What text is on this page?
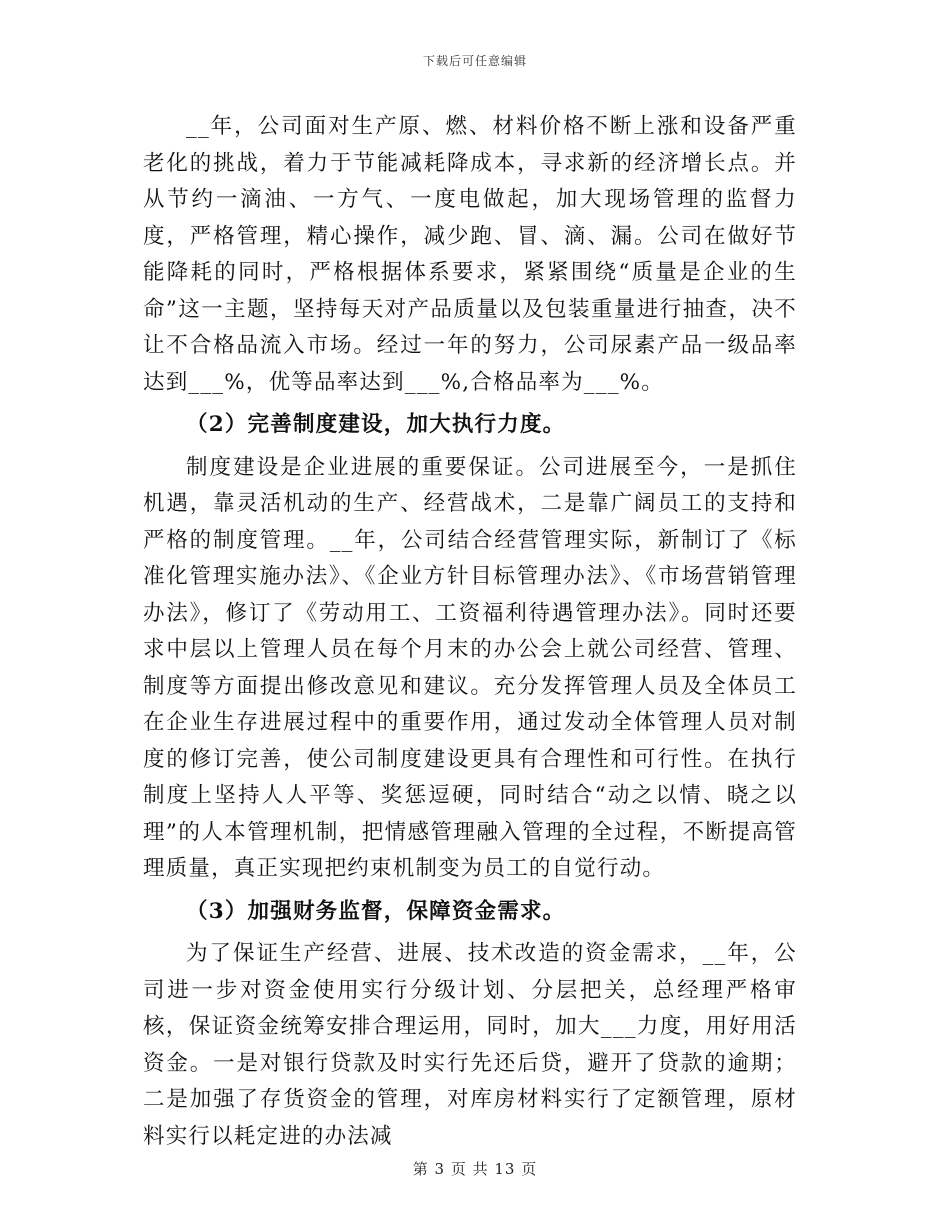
下载后可任意编辑

__年，公司面对生产原、燃、材料价格不断上涨和设备严重老化的挑战，着力于节能减耗降成本，寻求新的经济增长点。并从节约一滴油、一方气、一度电做起，加大现场管理的监督力度，严格管理，精心操作，减少跑、冒、滴、漏。公司在做好节能降耗的同时，严格根据体系要求，紧紧围绕“质量是企业的生命”这一主题，坚持每天对产品质量以及包装重量进行抽查，决不让不合格品流入市场。经过一年的努力，公司尿素产品一级品率达到___%，优等品率达到___%,合格品率为___%。

（2）完善制度建设，加大执行力度。

制度建设是企业进展的重要保证。公司进展至今，一是抓住机遇，靠灵活机动的生产、经营战术，二是靠广阔员工的支持和严格的制度管理。__年，公司结合经营管理实际，新制订了《标准化管理实施办法》、《企业方针目标管理办法》、《市场营销管理办法》，修订了《劳动用工、工资福利待遇管理办法》。同时还要求中层以上管理人员在每个月末的办公会上就公司经营、管理、制度等方面提出修改意见和建议。充分发挥管理人员及全体员工在企业生存进展过程中的重要作用，通过发动全体管理人员对制度的修订完善，使公司制度建设更具有合理性和可行性。在执行制度上坚持人人平等、奖惩逗硬，同时结合“动之以情、晓之以理”的人本管理机制，把情感管理融入管理的全过程，不断提高管理质量，真正实现把约束机制变为员工的自觉行动。

（3）加强财务监督，保障资金需求。

为了保证生产经营、进展、技术改造的资金需求，__年，公司进一步对资金使用实行分级计划、分层把关，总经理严格审核，保证资金统筹安排合理运用，同时，加大___力度，用好用活资金。一是对银行贷款及时实行先还后贷，避开了贷款的逾期；二是加强了存货资金的管理，对库房材料实行了定额管理，原材料实行以耗定进的办法减

第 3 页 共 13 页
